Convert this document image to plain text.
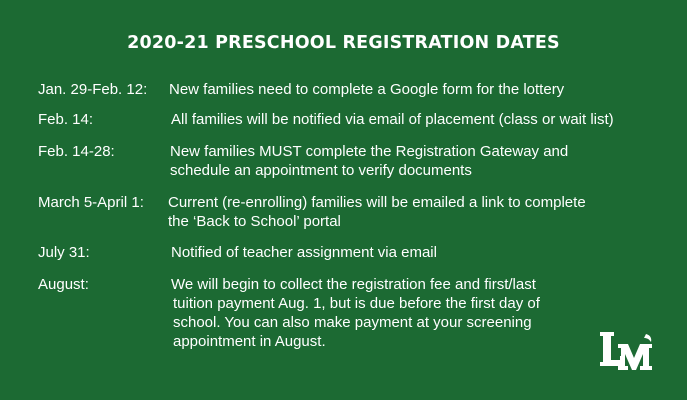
2020-21 PRESCHOOL REGISTRATION DATES
Jan. 29-Feb. 12: New families need to complete a Google form for the lottery
Feb. 14:	All families will be notified via email of placement (class or wait list)
Feb. 14-28:	New families MUST complete the Registration Gateway and
schedule an appointment to verify documents
March 5-April 1: Current (re-enrolling) families will be emailed a link to complete
the ‘Back to School’ portal
July 31:	Notified of teacher assignment via email
August:	We will begin to collect the registration fee and first/last
tuition payment Aug. 1, but is due before the first day of
school. You can also make payment at your screening
appointment in August.
